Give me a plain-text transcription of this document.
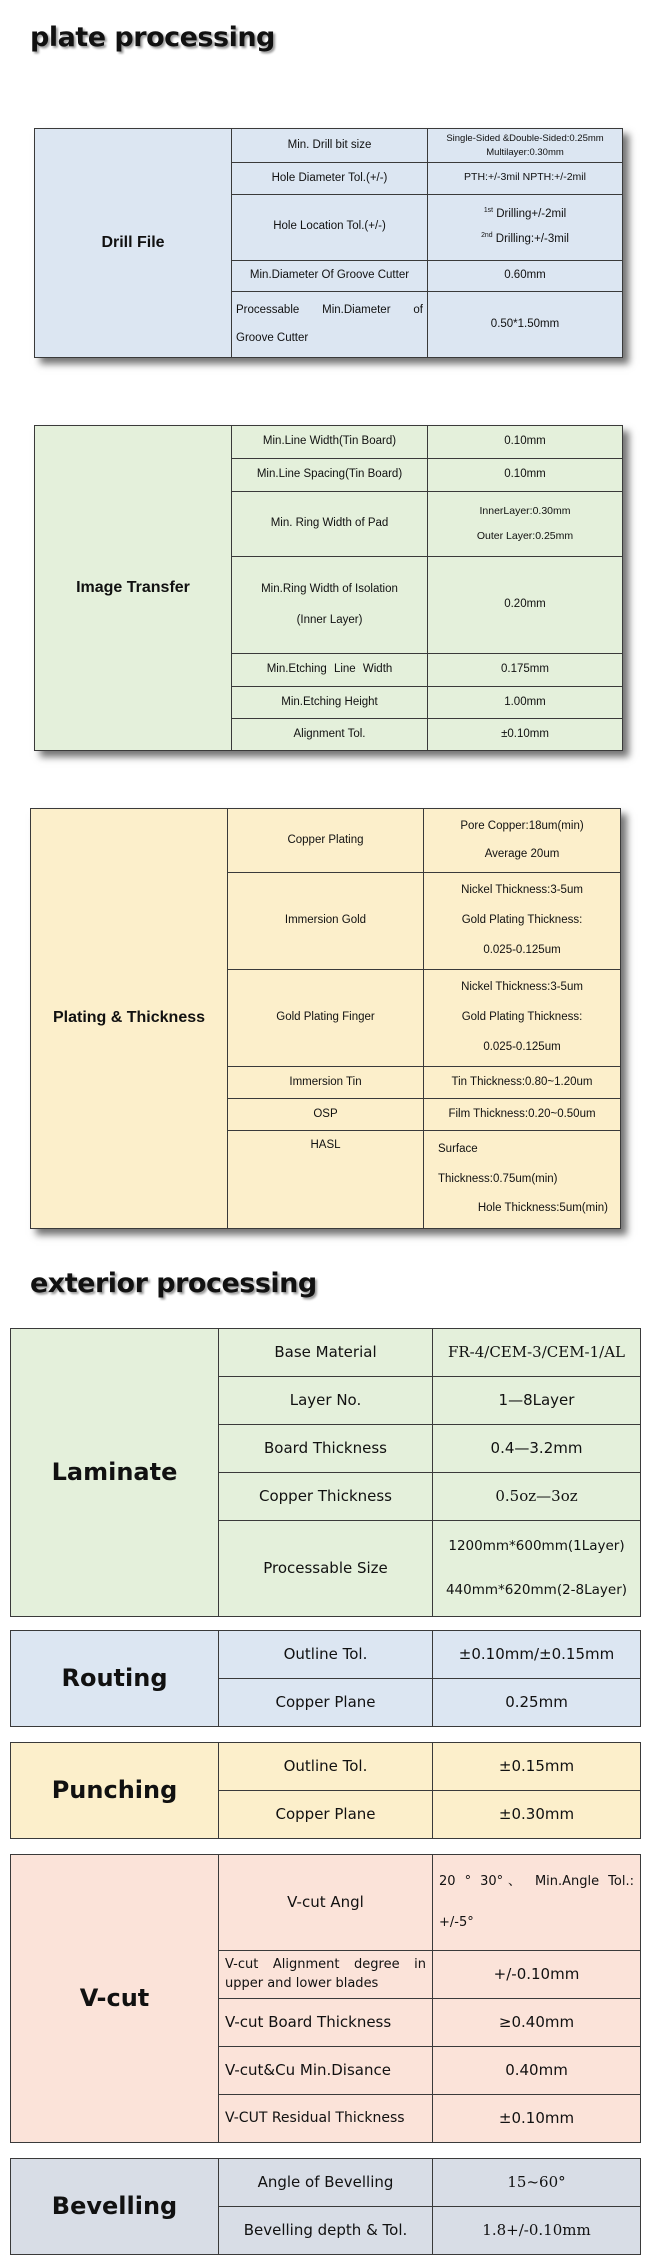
plate processing
Drill File	Min. Drill bit size	Single-Sided &Double-Sided:0.25mm
Multilayer:0.30mm

	Hole Diameter Tol.(+/-)	PTH:+/-3mil NPTH:+/-2mil
	Hole Location Tol.(+/-)	$^{1st}$ Drilling+/-2mil
$^{2nd}$ Drilling:+/-3mil

	Min.Diameter Of Groove Cutter	0.60mm
	Processable Min.Diameter of Groove Cutter	0.50*1.50mm
Image Transfer	Min.Line Width(Tin Board)	0.10mm
	Min.Line Spacing(Tin Board)	0.10mm
	Min. Ring Width of Pad	InnerLayer:0.30mm
Outer Layer:0.25mm

	Min.Ring Width of Isolation
(Inner Layer)	0.20mm
	Min.Etching Line Width	0.175mm
	Min.Etching Height	1.00mm
	Alignment Tol.	±0.10mm
Plating & Thickness	Copper Plating	Pore Copper:18um(min)
Average 20um

	Immersion Gold	Nickel Thickness:3-5um
Gold Plating Thickness:
0.025-0.125um

	Gold Plating Finger	Nickel Thickness:3-5um
Gold Plating Thickness:
0.025-0.125um

	Immersion Tin	Tin Thickness:0.80~1.20um
	OSP	Film Thickness:0.20~0.50um
	HASL	Surface
Thickness:0.75um(min)
Hole Thickness:5um(min)
exterior processing
Laminate	Base Material	FR-4/CEM-3/CEM-1/AL
	Layer No.	1—8Layer
	Board Thickness	0.4—3.2mm
	Copper Thickness	0.5oz—3oz
	Processable Size	1200mm*600mm(1Layer)
440mm*620mm(2-8Layer)
Routing	Outline Tol.	±0.10mm/±0.15mm
	Copper Plane	0.25mm
Punching	Outline Tol.	±0.15mm
	Copper Plane	±0.30mm
V-cut	V-cut Angl	20 ° 30°、 Min.Angle Tol.: +/-5°
	V-cut Alignment degree in upper and lower blades	+/-0.10mm
	V-cut Board Thickness	≥0.40mm
	V-cut&Cu Min.Disance	0.40mm
	V-CUT Residual Thickness	±0.10mm
Bevelling	Angle of Bevelling	15~60°
	Bevelling depth & Tol.	1.8+/-0.10mm
